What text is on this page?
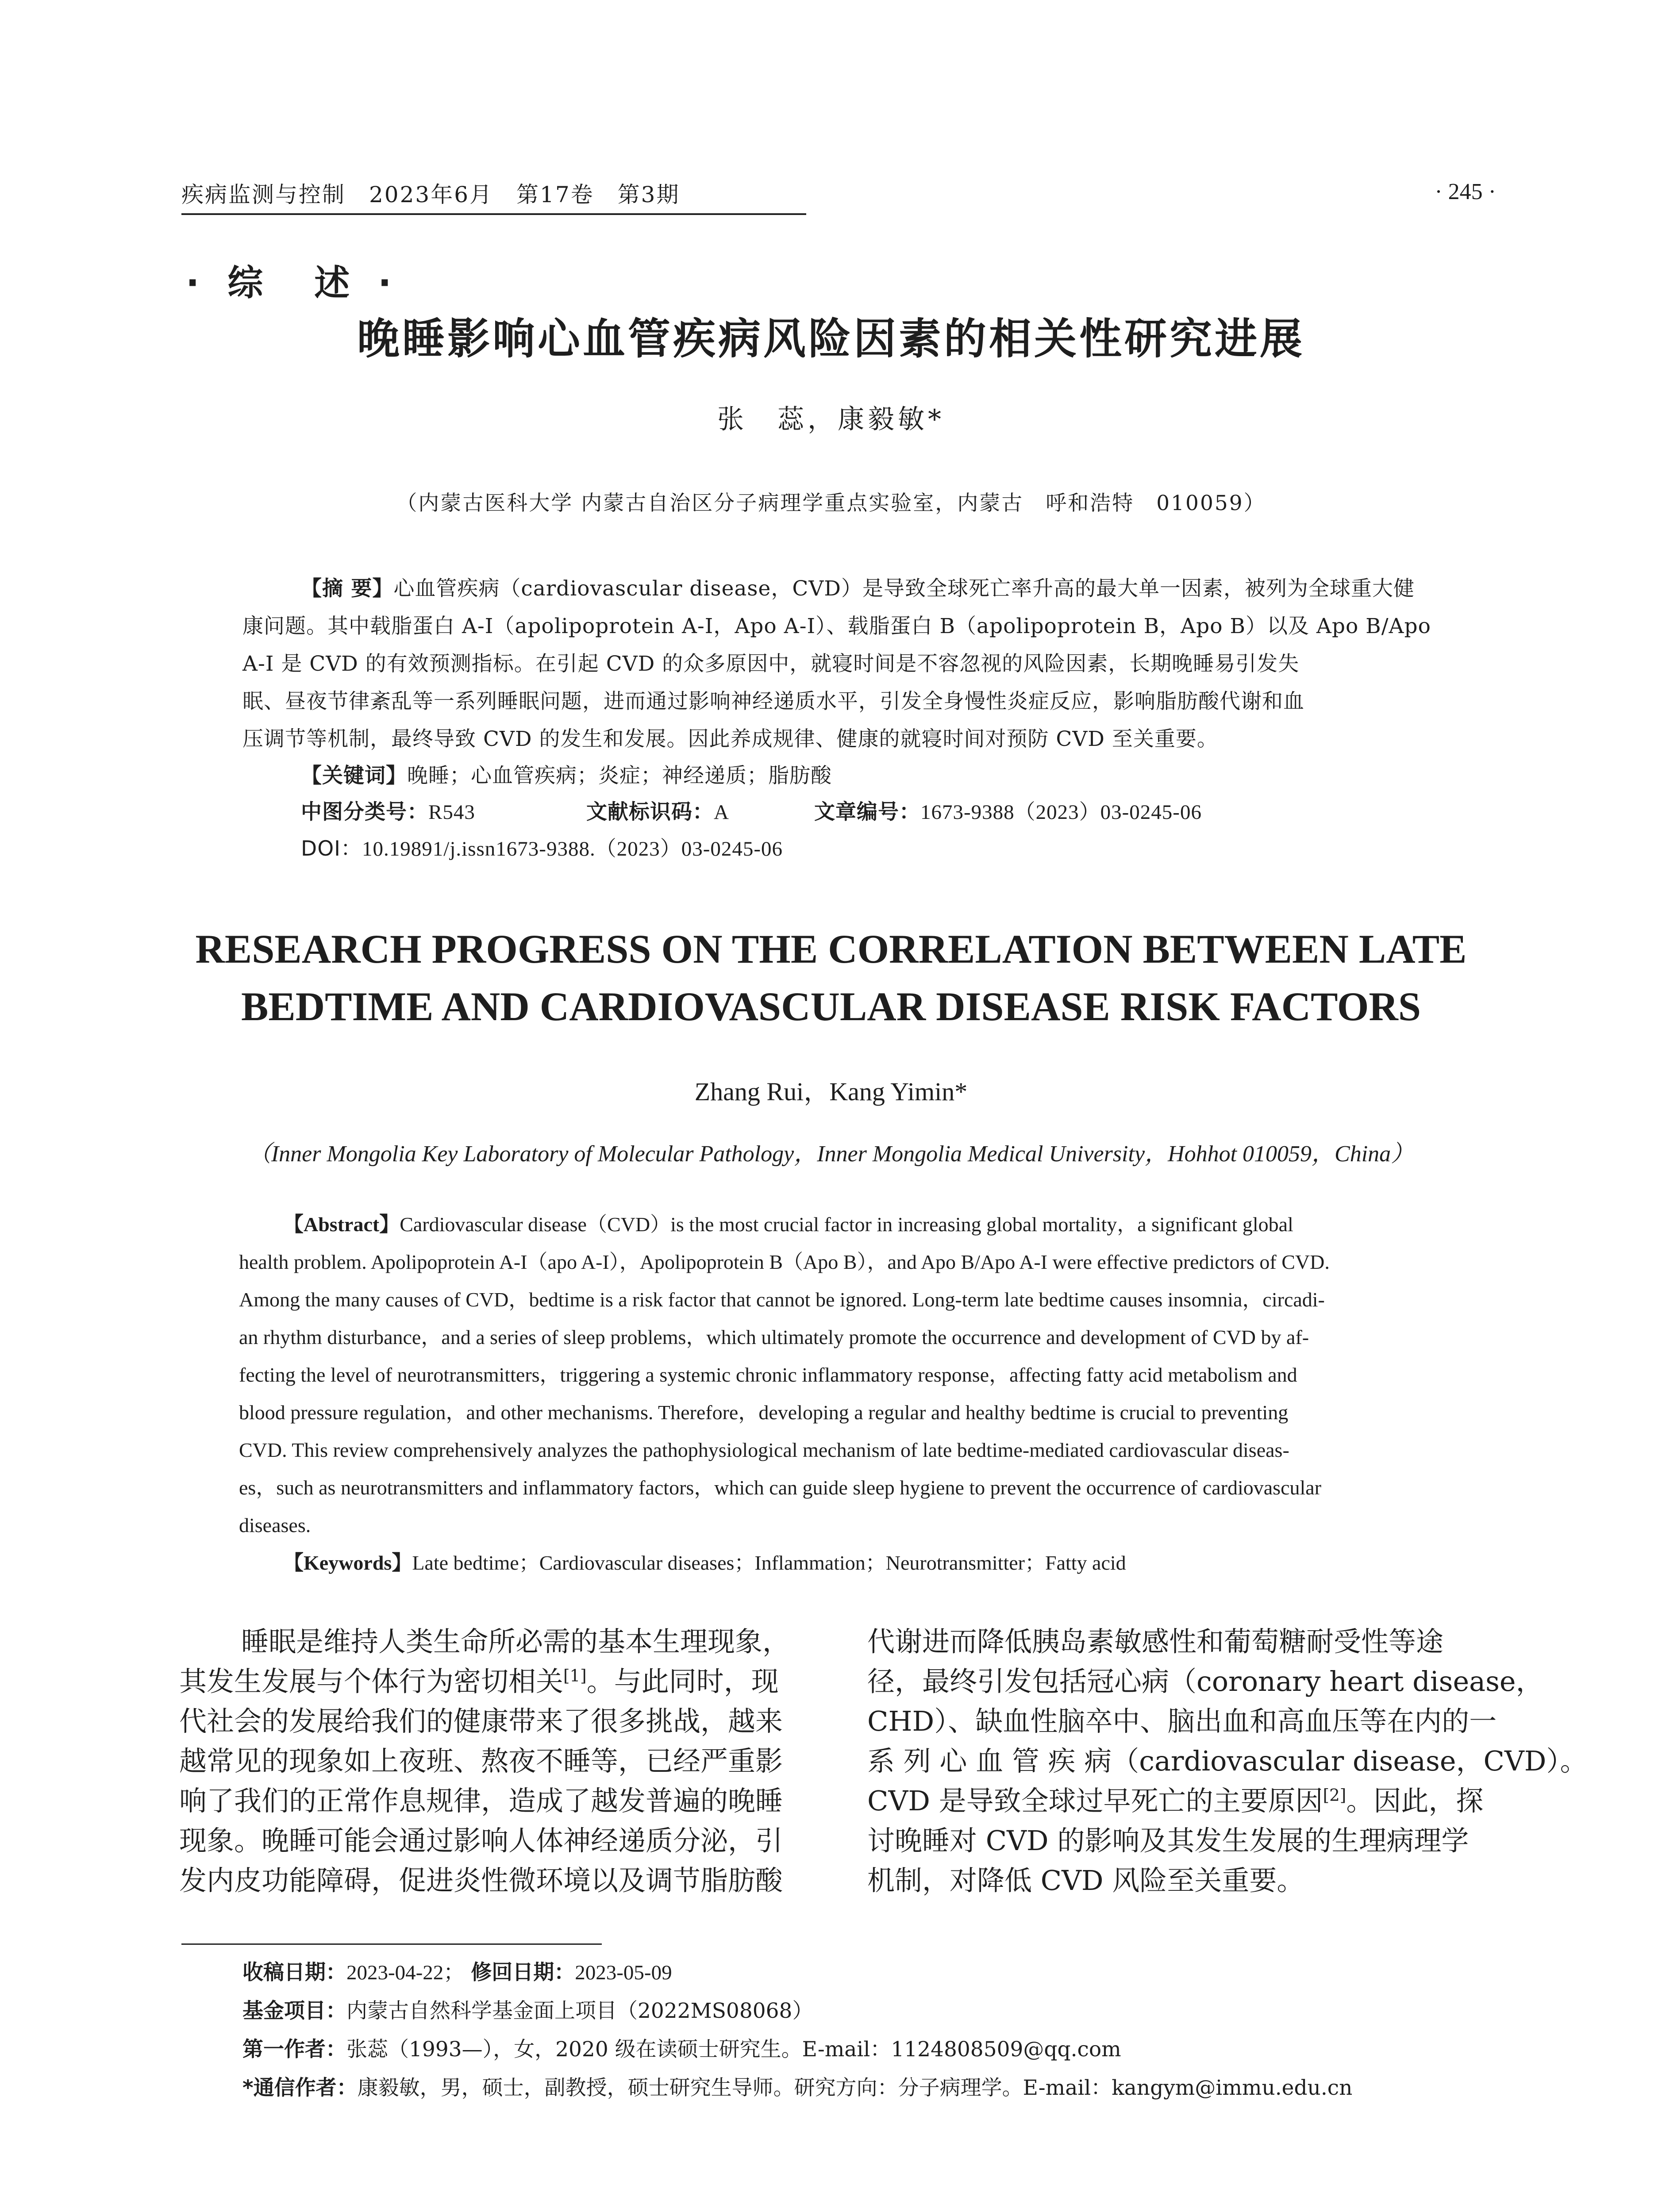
疾病监测与控制　2023年6月　第17卷　第3期	· 245 ·
· 综　述 ·
晚睡影响心血管疾病风险因素的相关性研究进展
张　蕊，康毅敏*
（内蒙古医科大学 内蒙古自治区分子病理学重点实验室，内蒙古　呼和浩特　010059）
【摘 要】心血管疾病（cardiovascular disease，CVD）是导致全球死亡率升高的最大单一因素，被列为全球重大健
康问题。其中载脂蛋白 A-I（apolipoprotein A-I，Apo A-I）、载脂蛋白 B（apolipoprotein B，Apo B）以及 Apo B/Apo
A-I 是 CVD 的有效预测指标。在引起 CVD 的众多原因中，就寝时间是不容忽视的风险因素，长期晚睡易引发失
眠、昼夜节律紊乱等一系列睡眠问题，进而通过影响神经递质水平，引发全身慢性炎症反应，影响脂肪酸代谢和血
压调节等机制，最终导致 CVD 的发生和发展。因此养成规律、健康的就寝时间对预防 CVD 至关重要。
【关键词】晚睡；心血管疾病；炎症；神经递质；脂肪酸
中图分类号：R543	文献标识码：A	文章编号：1673-9388（2023）03-0245-06
DOI：10.19891/j.issn1673-9388.（2023）03-0245-06
RESEARCH PROGRESS ON THE CORRELATION BETWEEN LATE
BEDTIME AND CARDIOVASCULAR DISEASE RISK FACTORS
Zhang Rui，Kang Yimin*
（Inner Mongolia Key Laboratory of Molecular Pathology，Inner Mongolia Medical University，Hohhot 010059，China）
【Abstract】Cardiovascular disease（CVD）is the most crucial factor in increasing global mortality，a significant global
health problem. Apolipoprotein A-I（apo A-I），Apolipoprotein B（Apo B），and Apo B/Apo A-I were effective predictors of CVD.
Among the many causes of CVD，bedtime is a risk factor that cannot be ignored. Long-term late bedtime causes insomnia，circadi-
an rhythm disturbance，and a series of sleep problems，which ultimately promote the occurrence and development of CVD by af-
fecting the level of neurotransmitters，triggering a systemic chronic inflammatory response，affecting fatty acid metabolism and
blood pressure regulation，and other mechanisms. Therefore，developing a regular and healthy bedtime is crucial to preventing
CVD. This review comprehensively analyzes the pathophysiological mechanism of late bedtime-mediated cardiovascular diseas-
es，such as neurotransmitters and inflammatory factors，which can guide sleep hygiene to prevent the occurrence of cardiovascular
diseases.
【Keywords】Late bedtime；Cardiovascular diseases；Inflammation；Neurotransmitter；Fatty acid
睡眠是维持人类生命所必需的基本生理现象，
其发生发展与个体行为密切相关[1]。与此同时，现
代社会的发展给我们的健康带来了很多挑战，越来
越常见的现象如上夜班、熬夜不睡等，已经严重影
响了我们的正常作息规律，造成了越发普遍的晚睡
现象。晚睡可能会通过影响人体神经递质分泌，引
发内皮功能障碍，促进炎性微环境以及调节脂肪酸
代谢进而降低胰岛素敏感性和葡萄糖耐受性等途
径，最终引发包括冠心病（coronary heart disease，
CHD）、缺血性脑卒中、脑出血和高血压等在内的一
系 列 心 血 管 疾 病（cardiovascular disease，CVD）。
CVD 是导致全球过早死亡的主要原因[2]。因此，探
讨晚睡对 CVD 的影响及其发生发展的生理病理学
机制，对降低 CVD 风险至关重要。
收稿日期：2023-04-22； 修回日期：2023-05-09
基金项目：内蒙古自然科学基金面上项目（2022MS08068）
第一作者：张蕊（1993—），女，2020 级在读硕士研究生。E-mail：1124808509@qq.com
*通信作者：康毅敏，男，硕士，副教授，硕士研究生导师。研究方向：分子病理学。E-mail：kangym@immu.edu.cn
